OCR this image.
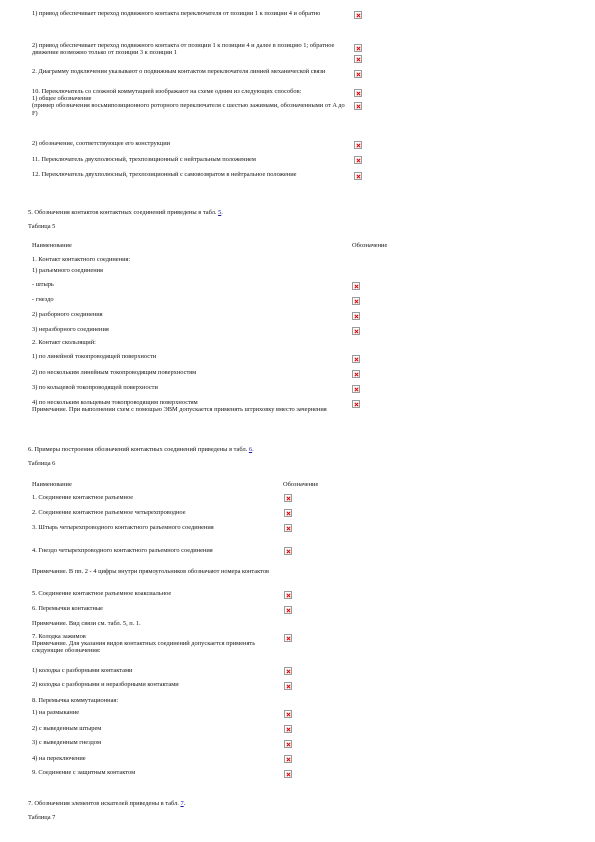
1) привод обеспечивает переход подвижного контакта переключателя от позиции 1 к позиции 4 и обратно
2) привод обеспечивает переход подвижного контакта от позиции 1 к позиции 4 и далее в позицию 1; обратное движение возможно только от позиции 3 к позиции 1
2. Диаграмму подключения указывают о подвижным контактом переключателя линией механической связи
10. Переключатель со сложной коммутацией изображают на схеме одним из следующих способов:
1) общее обозначение
(пример обозначения восьмипозиционного роторного переключателя с шестью зажимами, обозначенными от A до F)
2) обозначение, соответствующее его конструкции
11. Переключатель двухполюсный, трехпозиционный с нейтральным положением
12. Переключатель двухполюсный, трехпозиционный с самовозвратом в нейтральное положение

5. Обозначения контактов контактных соединений приведены в табл. 5.

Таблица 5
Наименование	Обозначение
1. Контакт контактного соединения:
1) разъемного соединения
- штырь
- гнездо
2) разборного соединения
3) неразборного соединения
2. Контакт скользящий:
1) по линейной токопроводящей поверхности
2) по нескольким линейным токопроводящим поверхностям
3) по кольцевой токопроводящей поверхности
4) по нескольким кольцевым токопроводящим поверхностям
Примечание. При выполнении схем с помощью ЭВМ допускается применять штриховку вместо зачернения

6. Примеры построения обозначений контактных соединений приведены в табл. 6.

Таблица 6
Наименование	Обозначение
1. Соединение контактное разъемное
2. Соединение контактное разъемное четырехпроводное
3. Штырь четырехпроводного контактного разъемного соединения
4. Гнездо четырехпроводного контактного разъемного соединения
Примечание. В пп. 2 - 4 цифры внутри прямоугольников обозначают номера контактов
5. Соединение контактное разъемное коаксиальное
6. Перемычки контактные
Примечание. Вид связи см. табл. 5, п. 1.
7. Колодка зажимов
Примечание. Для указания видов контактных соединений допускается применять следующие обозначения:
1) колодка с разборными контактами
2) колодка с разборными и неразборными контактами
8. Перемычка коммутационная:
1) на размыкание
2) с выведенным штырем
3) с выведенным гнездом
4) на переключение
9. Соединение с защитным контактом

7. Обозначения элементов искателей приведены в табл. 7.

Таблица 7
